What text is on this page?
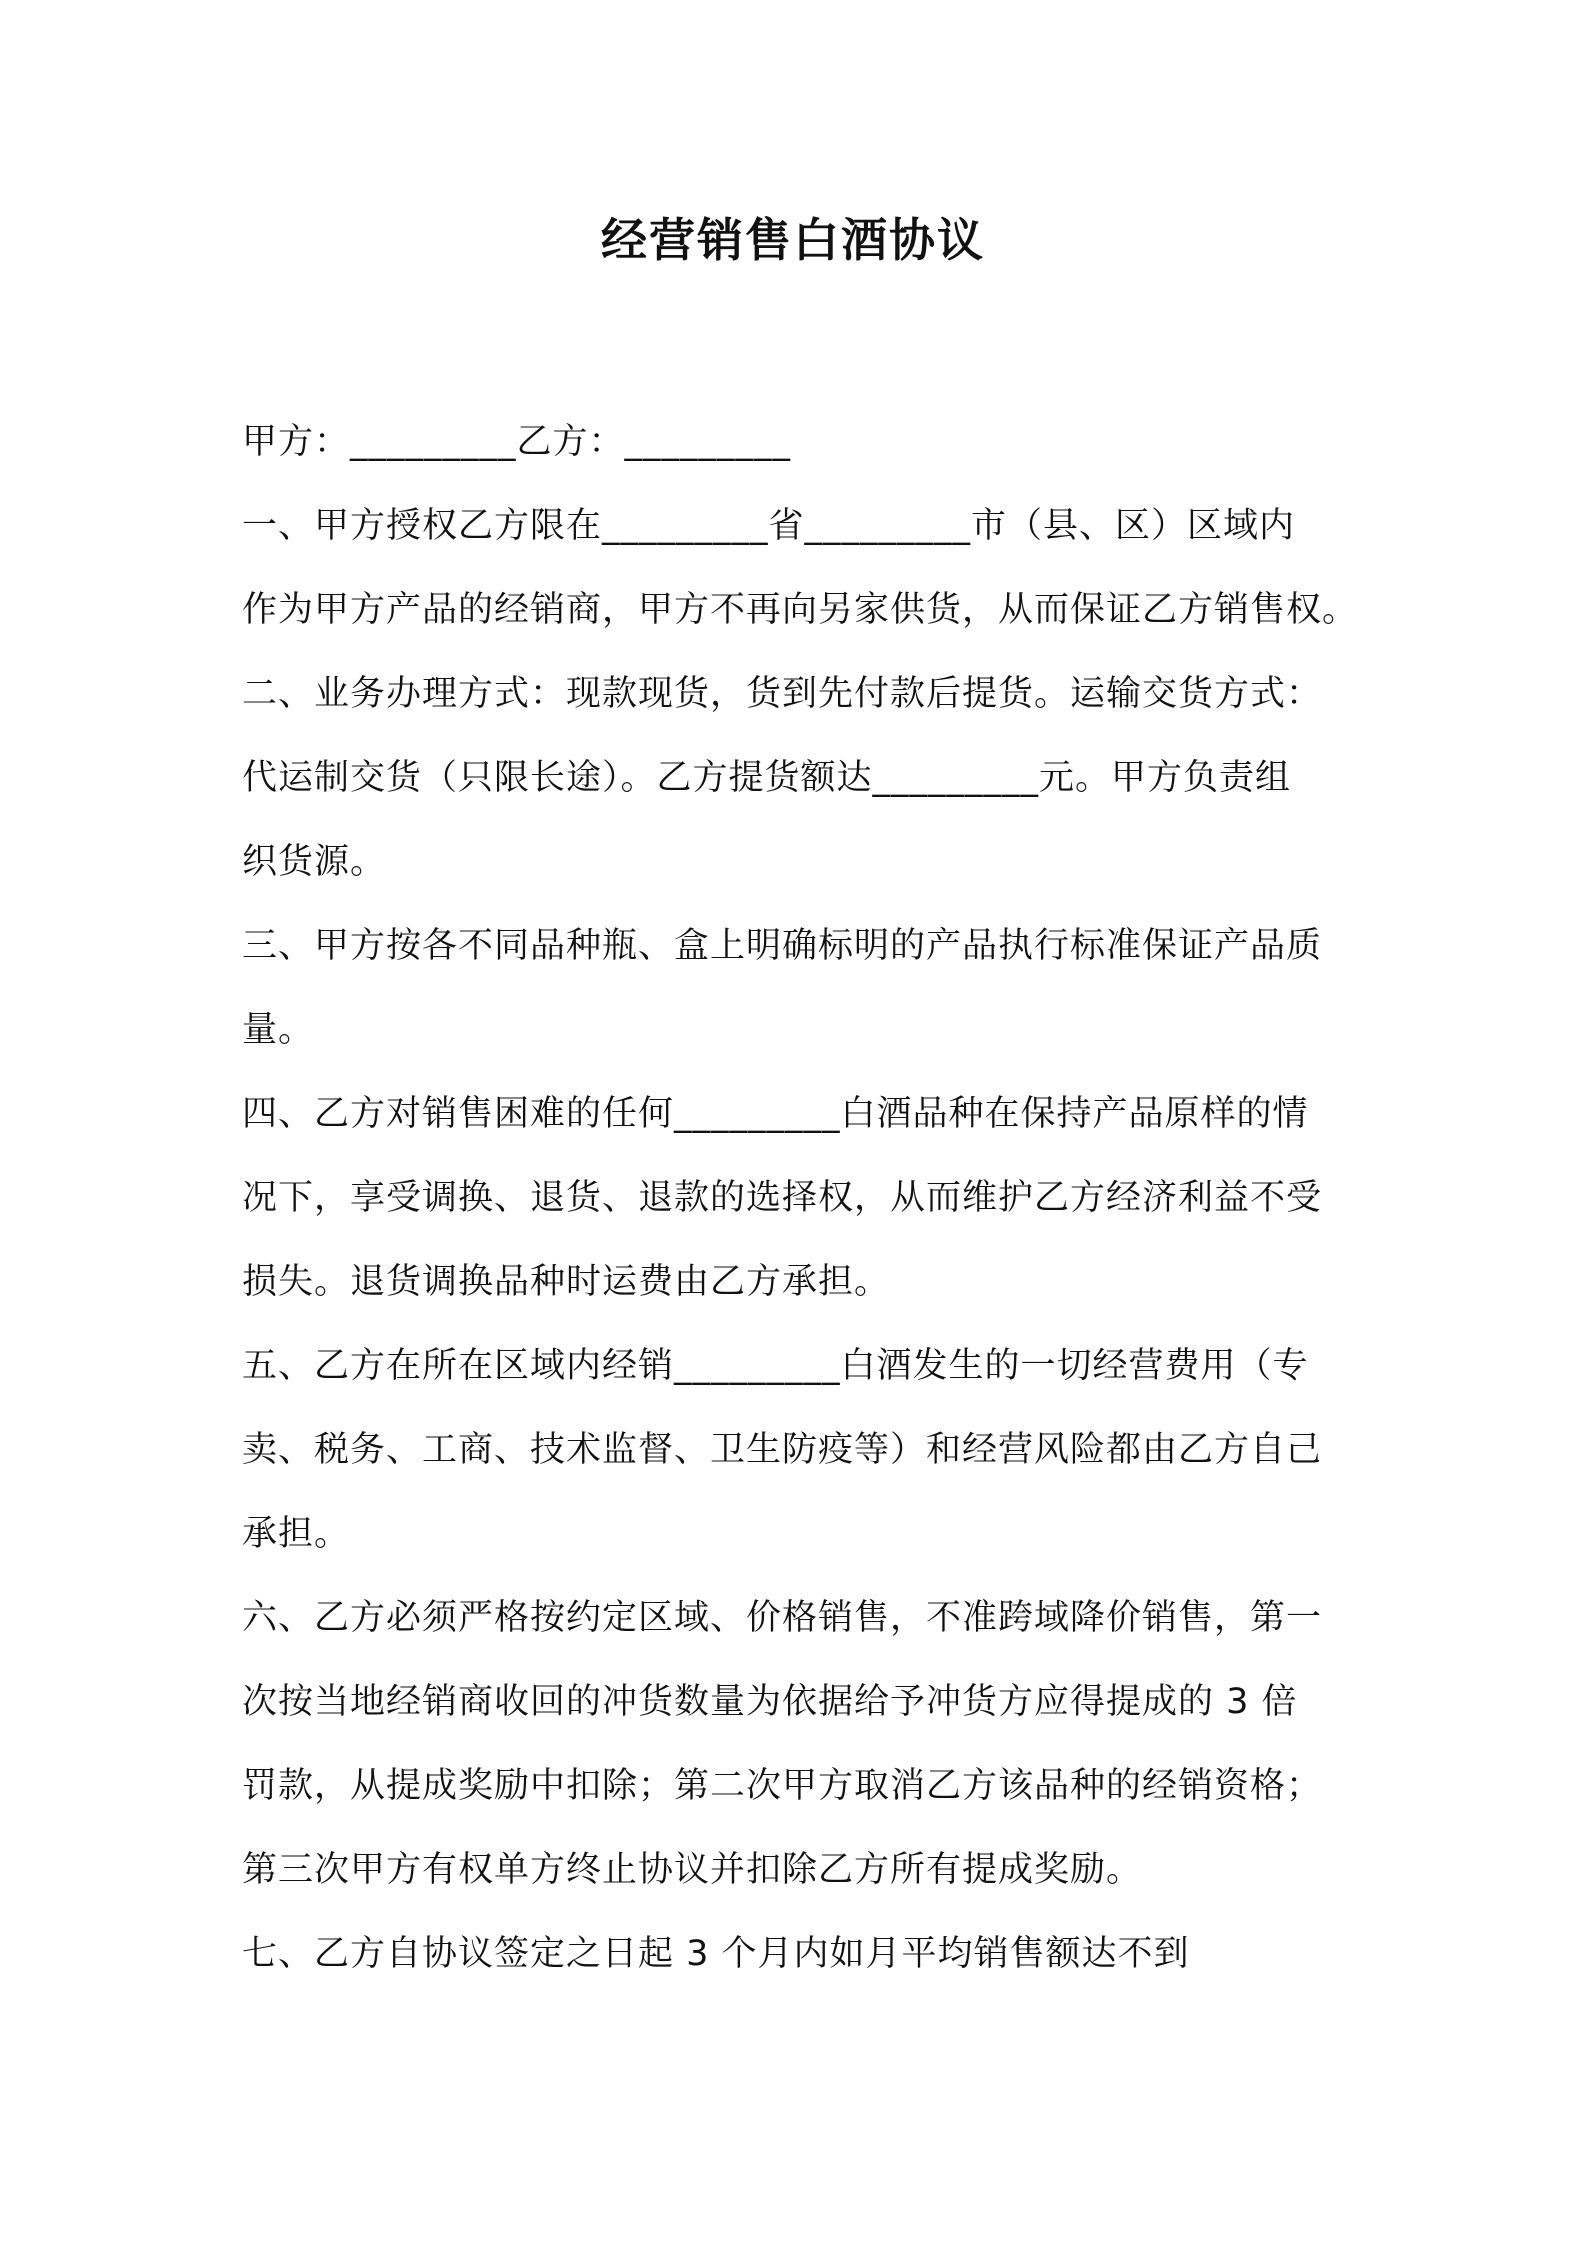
经营销售白酒协议
甲方：_________乙方：_________
一、甲方授权乙方限在_________省_________市（县、区）区域内
作为甲方产品的经销商，甲方不再向另家供货，从而保证乙方销售权。
二、业务办理方式：现款现货，货到先付款后提货。运输交货方式：
代运制交货（只限长途）。乙方提货额达_________元。甲方负责组
织货源。
三、甲方按各不同品种瓶、盒上明确标明的产品执行标准保证产品质
量。
四、乙方对销售困难的任何_________白酒品种在保持产品原样的情
况下，享受调换、退货、退款的选择权，从而维护乙方经济利益不受
损失。退货调换品种时运费由乙方承担。
五、乙方在所在区域内经销_________白酒发生的一切经营费用（专
卖、税务、工商、技术监督、卫生防疫等）和经营风险都由乙方自己
承担。
六、乙方必须严格按约定区域、价格销售，不准跨域降价销售，第一
次按当地经销商收回的冲货数量为依据给予冲货方应得提成的 3 倍
罚款，从提成奖励中扣除；第二次甲方取消乙方该品种的经销资格；
第三次甲方有权单方终止协议并扣除乙方所有提成奖励。
七、乙方自协议签定之日起 3 个月内如月平均销售额达不到
